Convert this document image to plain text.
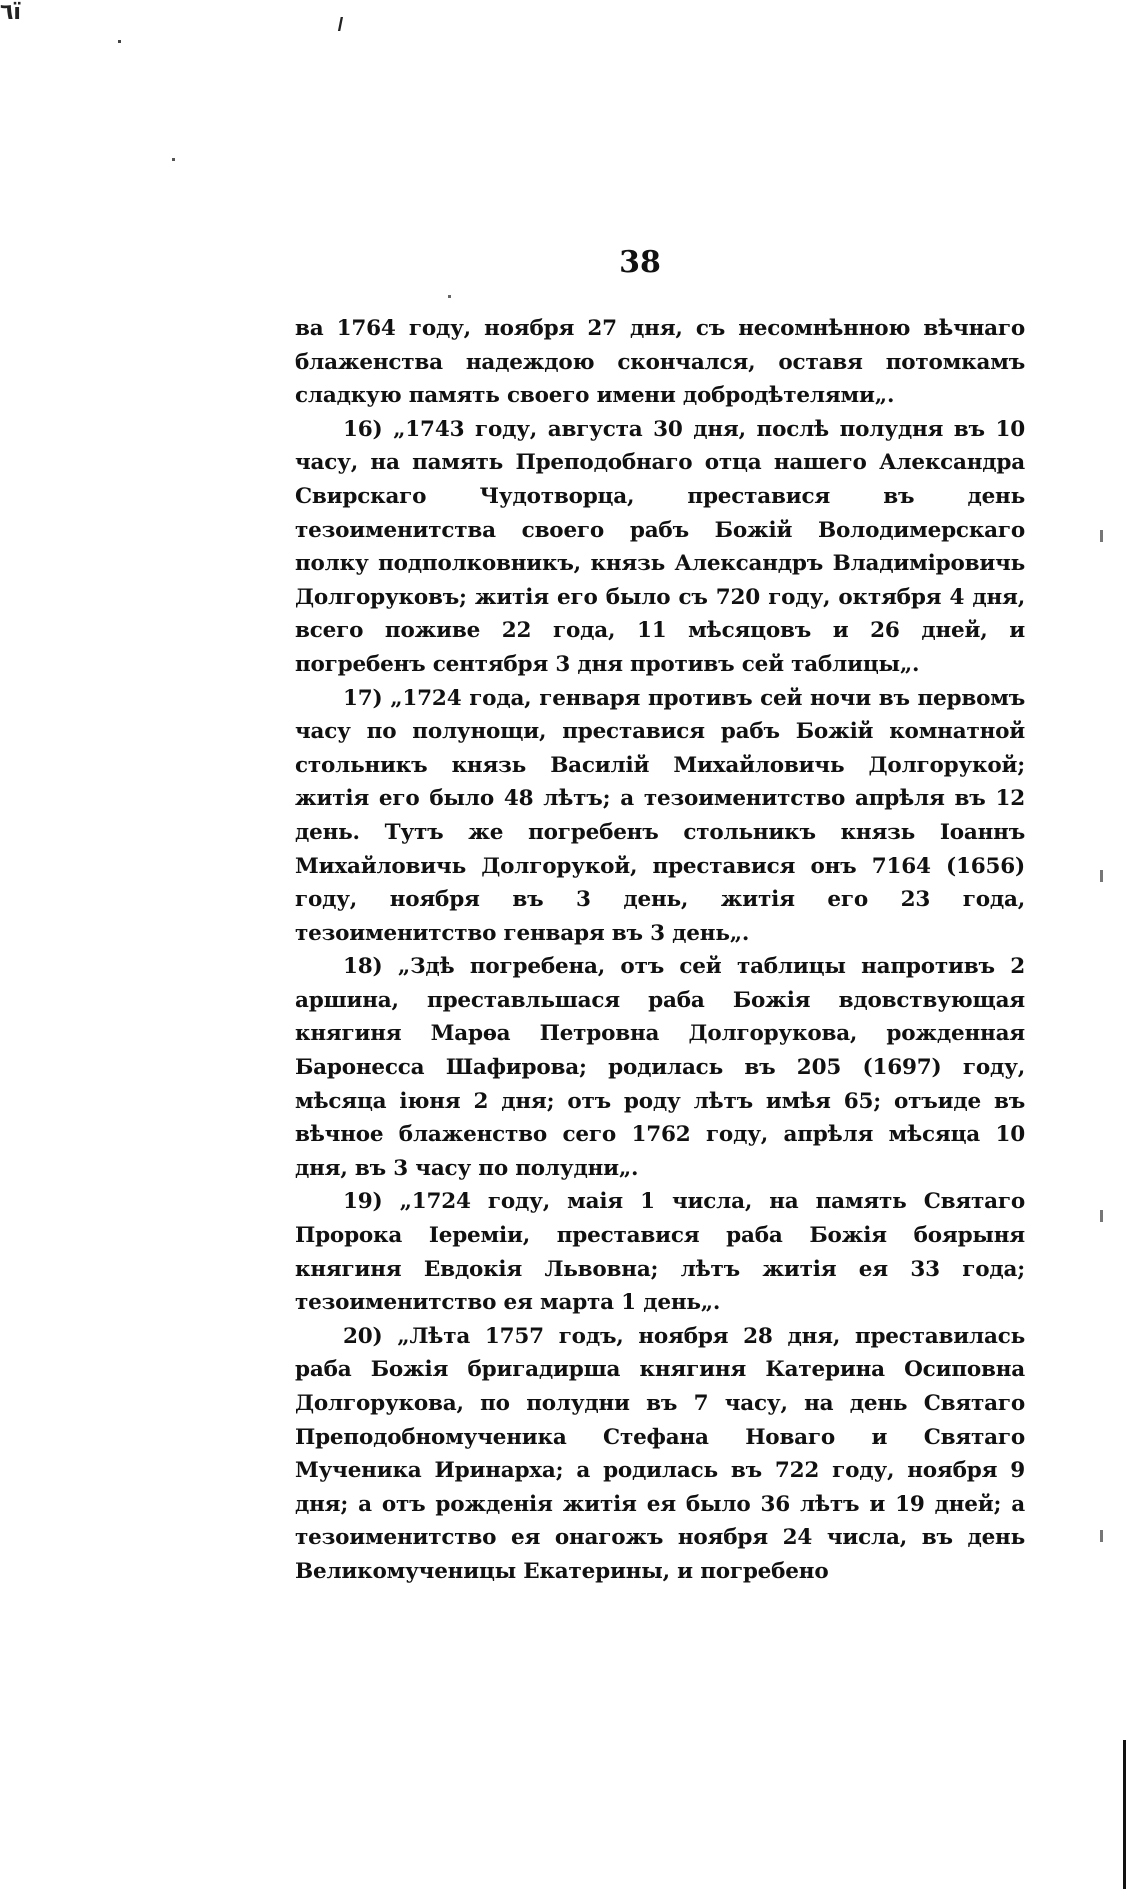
٦ї	ı
38

ва 1764 году, ноября 27 дня, съ несомнѣнною вѣчнаго блаженства надеждою скончался, оставя потомкамъ сладкую память своего имени добродѣтелями„.

16) „1743 году, августа 30 дня, послѣ полудня въ 10 часу, на память Преподобнаго отца нашего Александра Свирскаго Чудотворца, преставися въ день тезоименитства своего рабъ Божій Володимерскаго полку подполковникъ, князь Александръ Владиміровичь Долгоруковъ; житія его было съ 720 году, октября 4 дня, всего поживе 22 года, 11 мѣсяцовъ и 26 дней, и погребенъ сентября 3 дня противъ сей таблицы„.

17) „1724 года, генваря противъ сей ночи въ первомъ часу по полунощи, преставися рабъ Божій комнатной стольникъ князь Василій Михайловичь Долгорукой; житія его было 48 лѣтъ; а тезоименитство апрѣля въ 12 день. Тутъ же погребенъ стольникъ князь Іоаннъ Михайловичь Долгорукой, преставися онъ 7164 (1656) году, ноября въ 3 день, житія его 23 года, тезоименитство генваря въ 3 день„.

18) „Здѣ погребена, отъ сей таблицы напротивъ 2 аршина, преставльшася раба Божія вдовствующая княгиня Марѳа Петровна Долгорукова, рожденная Баронесса Шафирова; родилась въ 205 (1697) году, мѣсяца іюня 2 дня; отъ роду лѣтъ имѣя 65; отъиде въ вѣчное блаженство сего 1762 году, апрѣля мѣсяца 10 дня, въ 3 часу по полудни„.

19) „1724 году, маія 1 числа, на память Святаго Пророка Іереміи, преставися раба Божія боярыня княгиня Евдокія Львовна; лѣтъ житія ея 33 года; тезоименитство ея марта 1 день„.

20) „Лѣта 1757 годъ, ноября 28 дня, преставилась раба Божія бригадирша княгиня Катерина Осиповна Долгорукова, по полудни въ 7 часу, на день Святаго Преподобномученика Стефана Новаго и Святаго Мученика Иринарха; а родилась въ 722 году, ноября 9 дня; а отъ рожденія житія ея было 36 лѣтъ и 19 дней; а тезоименитство ея онагожъ ноября 24 числа, въ день Великомученицы Екатерины, и погребено
